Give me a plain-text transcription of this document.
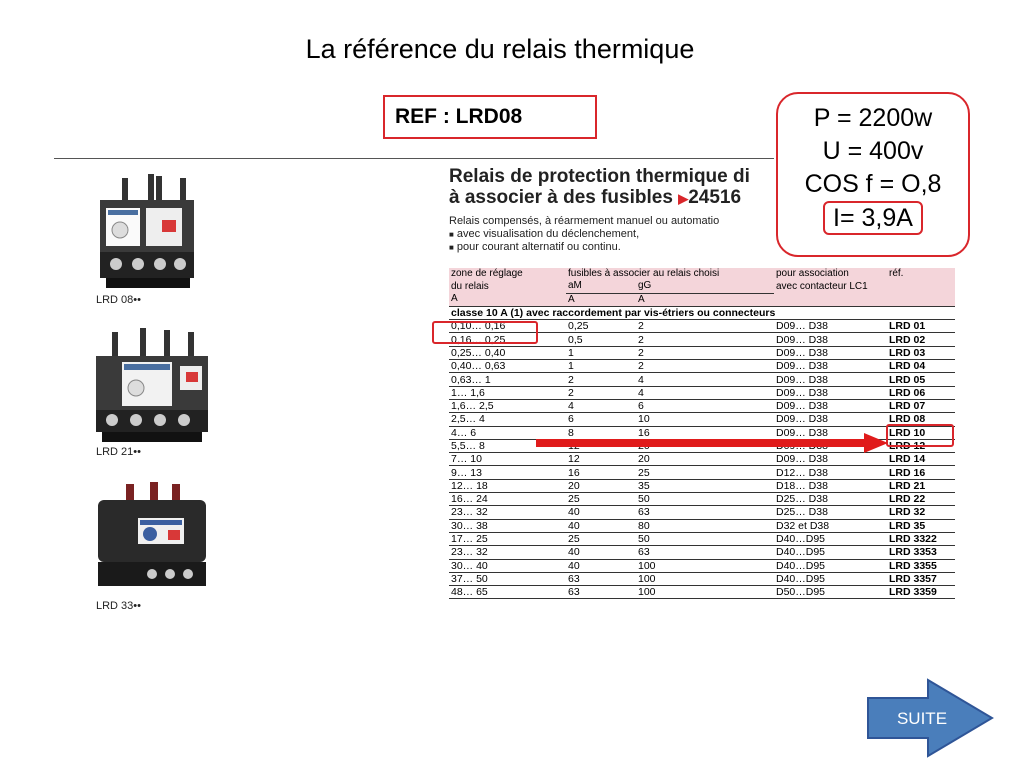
La référence du relais thermique
REF : LRD08	P = 2200w
U = 400v
COS f = O,8
I= 3,9A
LRD 08••
LRD 21••
LRD 33••
Relais de protection thermique di
à associer à des fusibles ▶24516
Relais compensés, à réarmement manuel ou automatio
■ avec visualisation du déclenchement,
■ pour courant alternatif ou continu.
zone de réglage	fusibles à associer au relais choisi		pour association	réf.
du relais	aM	gG	avec contacteur LC1	
A	A	A		
classe 10 A (1) avec raccordement par vis-étriers ou connecteurs				
0,10… 0,16	0,25	2	D09… D38	LRD 01
0,16… 0,25	0,5	2	D09… D38	LRD 02
0,25… 0,40	1	2	D09… D38	LRD 03
0,40… 0,63	1	2	D09… D38	LRD 04
0,63… 1	2	4	D09… D38	LRD 05
1… 1,6	2	4	D09… D38	LRD 06
1,6… 2,5	4	6	D09… D38	LRD 07
2,5… 4	6	10	D09… D38	LRD 08
4… 6	8	16	D09… D38	LRD 10
5,5… 8				LRD 12
7… 10	12	20	D09… D38	LRD 14
9… 13	16	25	D12… D38	LRD 16
12… 18	20	35	D18… D38	LRD 21
16… 24	25	50	D25… D38	LRD 22
23… 32	40	63	D25… D38	LRD 32
30… 38	40	80	D32 et D38	LRD 35
17… 25	25	50	D40…D95	LRD 3322
23… 32	40	63	D40…D95	LRD 3353
30… 40	40	100	D40…D95	LRD 3355
37… 50	63	100	D40…D95	LRD 3357
48… 65	63	100	D50…D95	LRD 3359
SUITE
